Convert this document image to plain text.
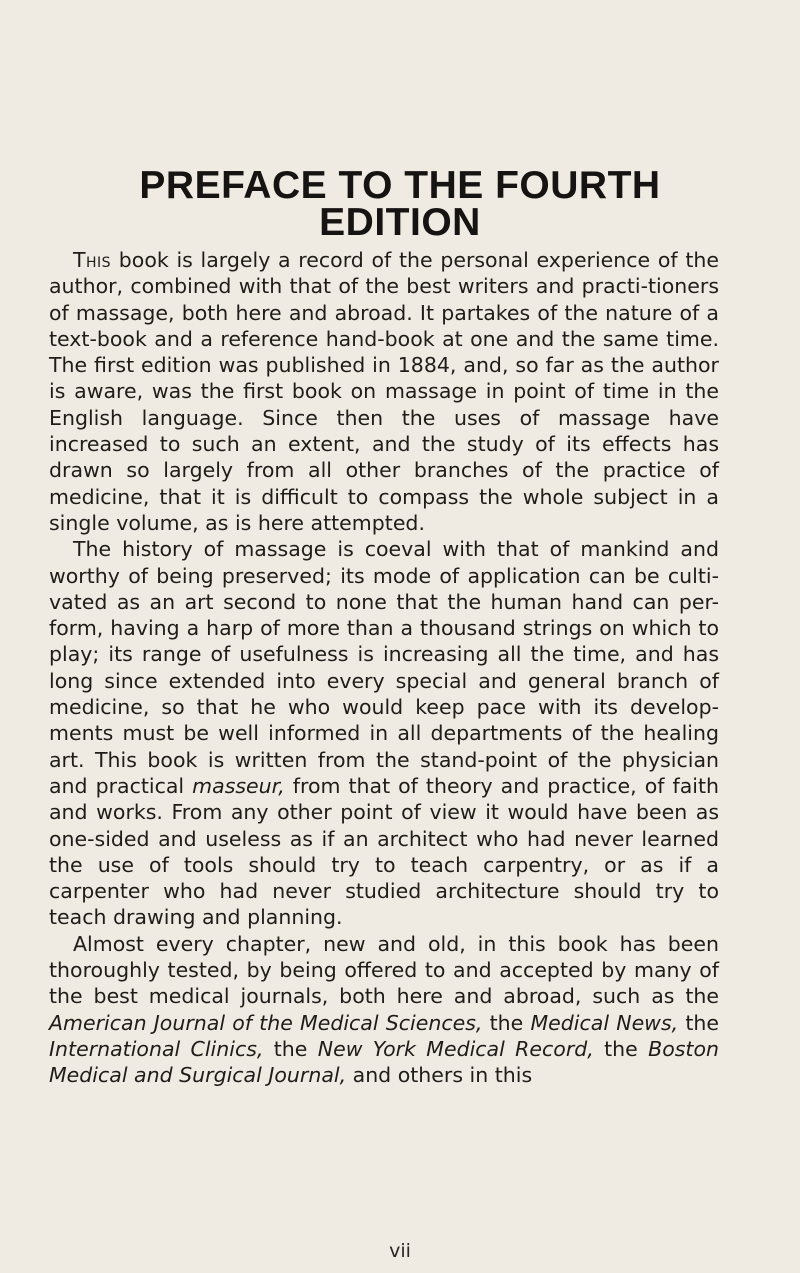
PREFACE TO THE FOURTH
EDITION

This book is largely a record of the personal experience of the author, combined with that of the best writers and practi-tioners of massage, both here and abroad. It partakes of the nature of a text-book and a reference hand-book at one and the same time. The first edition was published in 1884, and, so far as the author is aware, was the first book on massage in point of time in the English language. Since then the uses of massage have increased to such an extent, and the study of its effects has drawn so largely from all other branches of the practice of medicine, that it is difficult to compass the whole subject in a single volume, as is here attempted.

The history of massage is coeval with that of mankind and worthy of being preserved; its mode of application can be culti-vated as an art second to none that the human hand can per-form, having a harp of more than a thousand strings on which to play; its range of usefulness is increasing all the time, and has long since extended into every special and general branch of medicine, so that he who would keep pace with its develop-ments must be well informed in all departments of the healing art. This book is written from the stand-point of the physician and practical masseur, from that of theory and practice, of faith and works. From any other point of view it would have been as one-sided and useless as if an architect who had never learned the use of tools should try to teach carpentry, or as if a carpenter who had never studied architecture should try to teach drawing and planning.

Almost every chapter, new and old, in this book has been thoroughly tested, by being offered to and accepted by many of the best medical journals, both here and abroad, such as the American Journal of the Medical Sciences, the Medical News, the International Clinics, the New York Medical Record, the Boston Medical and Surgical Journal, and others in this

vii
